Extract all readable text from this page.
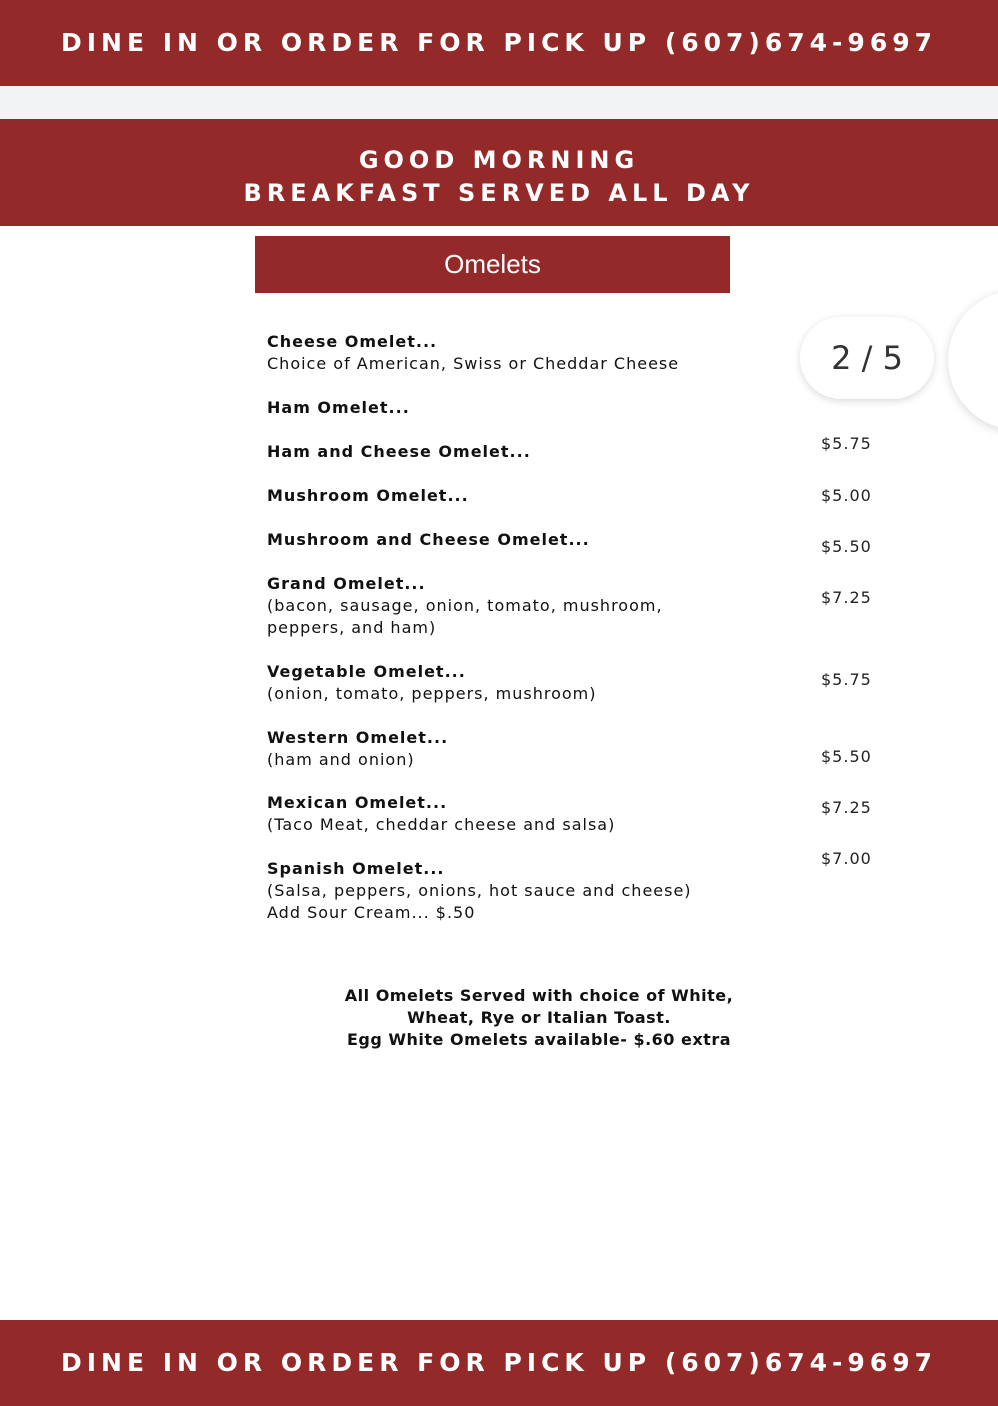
DINE IN OR ORDER FOR PICK UP (607)674-9697
GOOD MORNING
BREAKFAST SERVED ALL DAY
Omelets
Cheese Omelet...
Choice of American, Swiss or Cheddar Cheese
Ham Omelet...
Ham and Cheese Omelet...
Mushroom Omelet...
Mushroom and Cheese Omelet...
Grand Omelet...
(bacon, sausage, onion, tomato, mushroom,
peppers, and ham)
Vegetable Omelet...
(onion, tomato, peppers, mushroom)
Western Omelet...
(ham and onion)
Mexican Omelet...
(Taco Meat, cheddar cheese and salsa)
Spanish Omelet...
(Salsa, peppers, onions, hot sauce and cheese)
Add Sour Cream... $.50
$5.75
$5.00
$5.50
$7.25
$5.75
$5.50
$7.25
$7.00
All Omelets Served with choice of White,
Wheat, Rye or Italian Toast.
Egg White Omelets available- $.60 extra
2 / 5
DINE IN OR ORDER FOR PICK UP (607)674-9697
